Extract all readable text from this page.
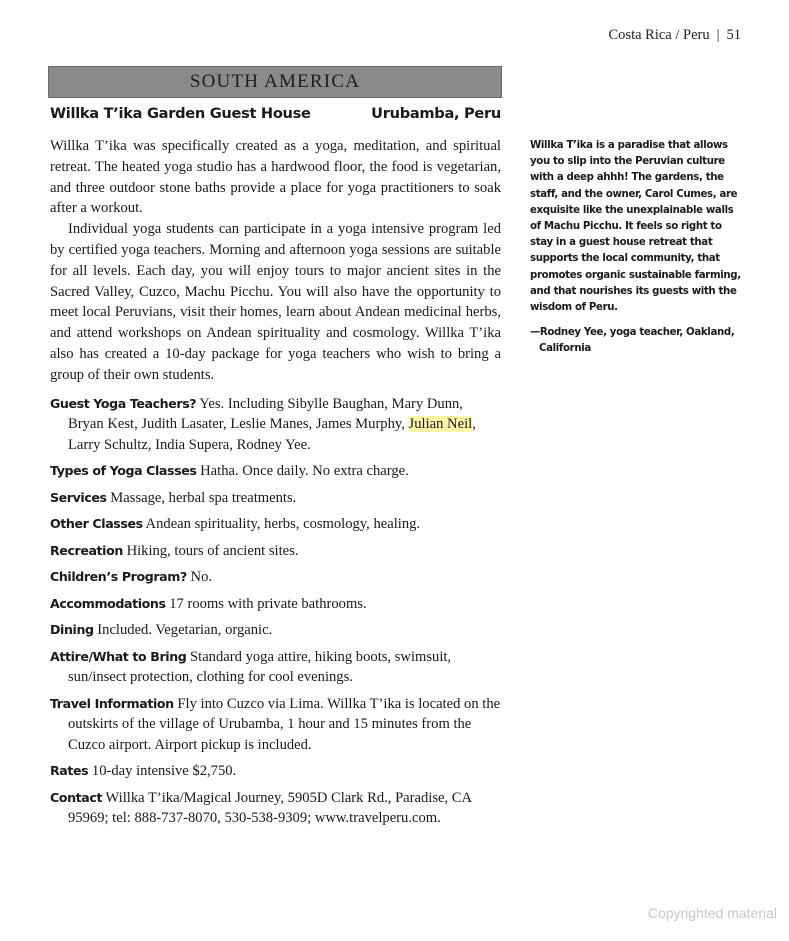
Costa Rica / Peru | 51
SOUTH AMERICA
Willka T’ika Garden Guest House	Urubamba, Peru

Willka T’ika was specifically created as a yoga, meditation, and spiritual retreat. The heated yoga studio has a hardwood floor, the food is vegetarian, and three outdoor stone baths provide a place for yoga practitioners to soak after a workout.

Individual yoga students can participate in a yoga intensive program led by certified yoga teachers. Morning and afternoon yoga sessions are suitable for all levels. Each day, you will enjoy tours to major ancient sites in the Sacred Valley, Cuzco, Machu Picchu. You will also have the opportunity to meet local Peruvians, visit their homes, learn about Andean medicinal herbs, and attend workshops on Andean spirituality and cosmology. Willka T’ika also has created a 10-day package for yoga teachers who wish to bring a group of their own students.

Guest Yoga Teachers? Yes. Including Sibylle Baughan, Mary Dunn, Bryan Kest, Judith Lasater, Leslie Manes, James Murphy, Julian Neil, Larry Schultz, India Supera, Rodney Yee.
Types of Yoga Classes Hatha. Once daily. No extra charge.
Services Massage, herbal spa treatments.
Other Classes Andean spirituality, herbs, cosmology, healing.
Recreation Hiking, tours of ancient sites.
Children’s Program? No.
Accommodations 17 rooms with private bathrooms.
Dining Included. Vegetarian, organic.
Attire/What to Bring Standard yoga attire, hiking boots, swimsuit, sun/insect protection, clothing for cool evenings.
Travel Information Fly into Cuzco via Lima. Willka T’ika is located on the outskirts of the village of Urubamba, 1 hour and 15 minutes from the Cuzco airport. Airport pickup is included.
Rates 10-day intensive $2,750.
Contact Willka T’ika/Magical Journey, 5905D Clark Rd., Paradise, CA 95969; tel: 888-737-8070, 530-538-9309; www.travelperu.com.
Willka T’ika is a paradise that allows you to slip into the Peruvian culture with a deep ahhh! The gardens, the staff, and the owner, Carol Cumes, are exquisite like the unexplainable walls of Machu Picchu. It feels so right to stay in a guest house retreat that supports the local community, that promotes organic sustainable farming, and that nourishes its guests with the wisdom of Peru.
—Rodney Yee, yoga teacher, Oakland, California
Copyrighted material
